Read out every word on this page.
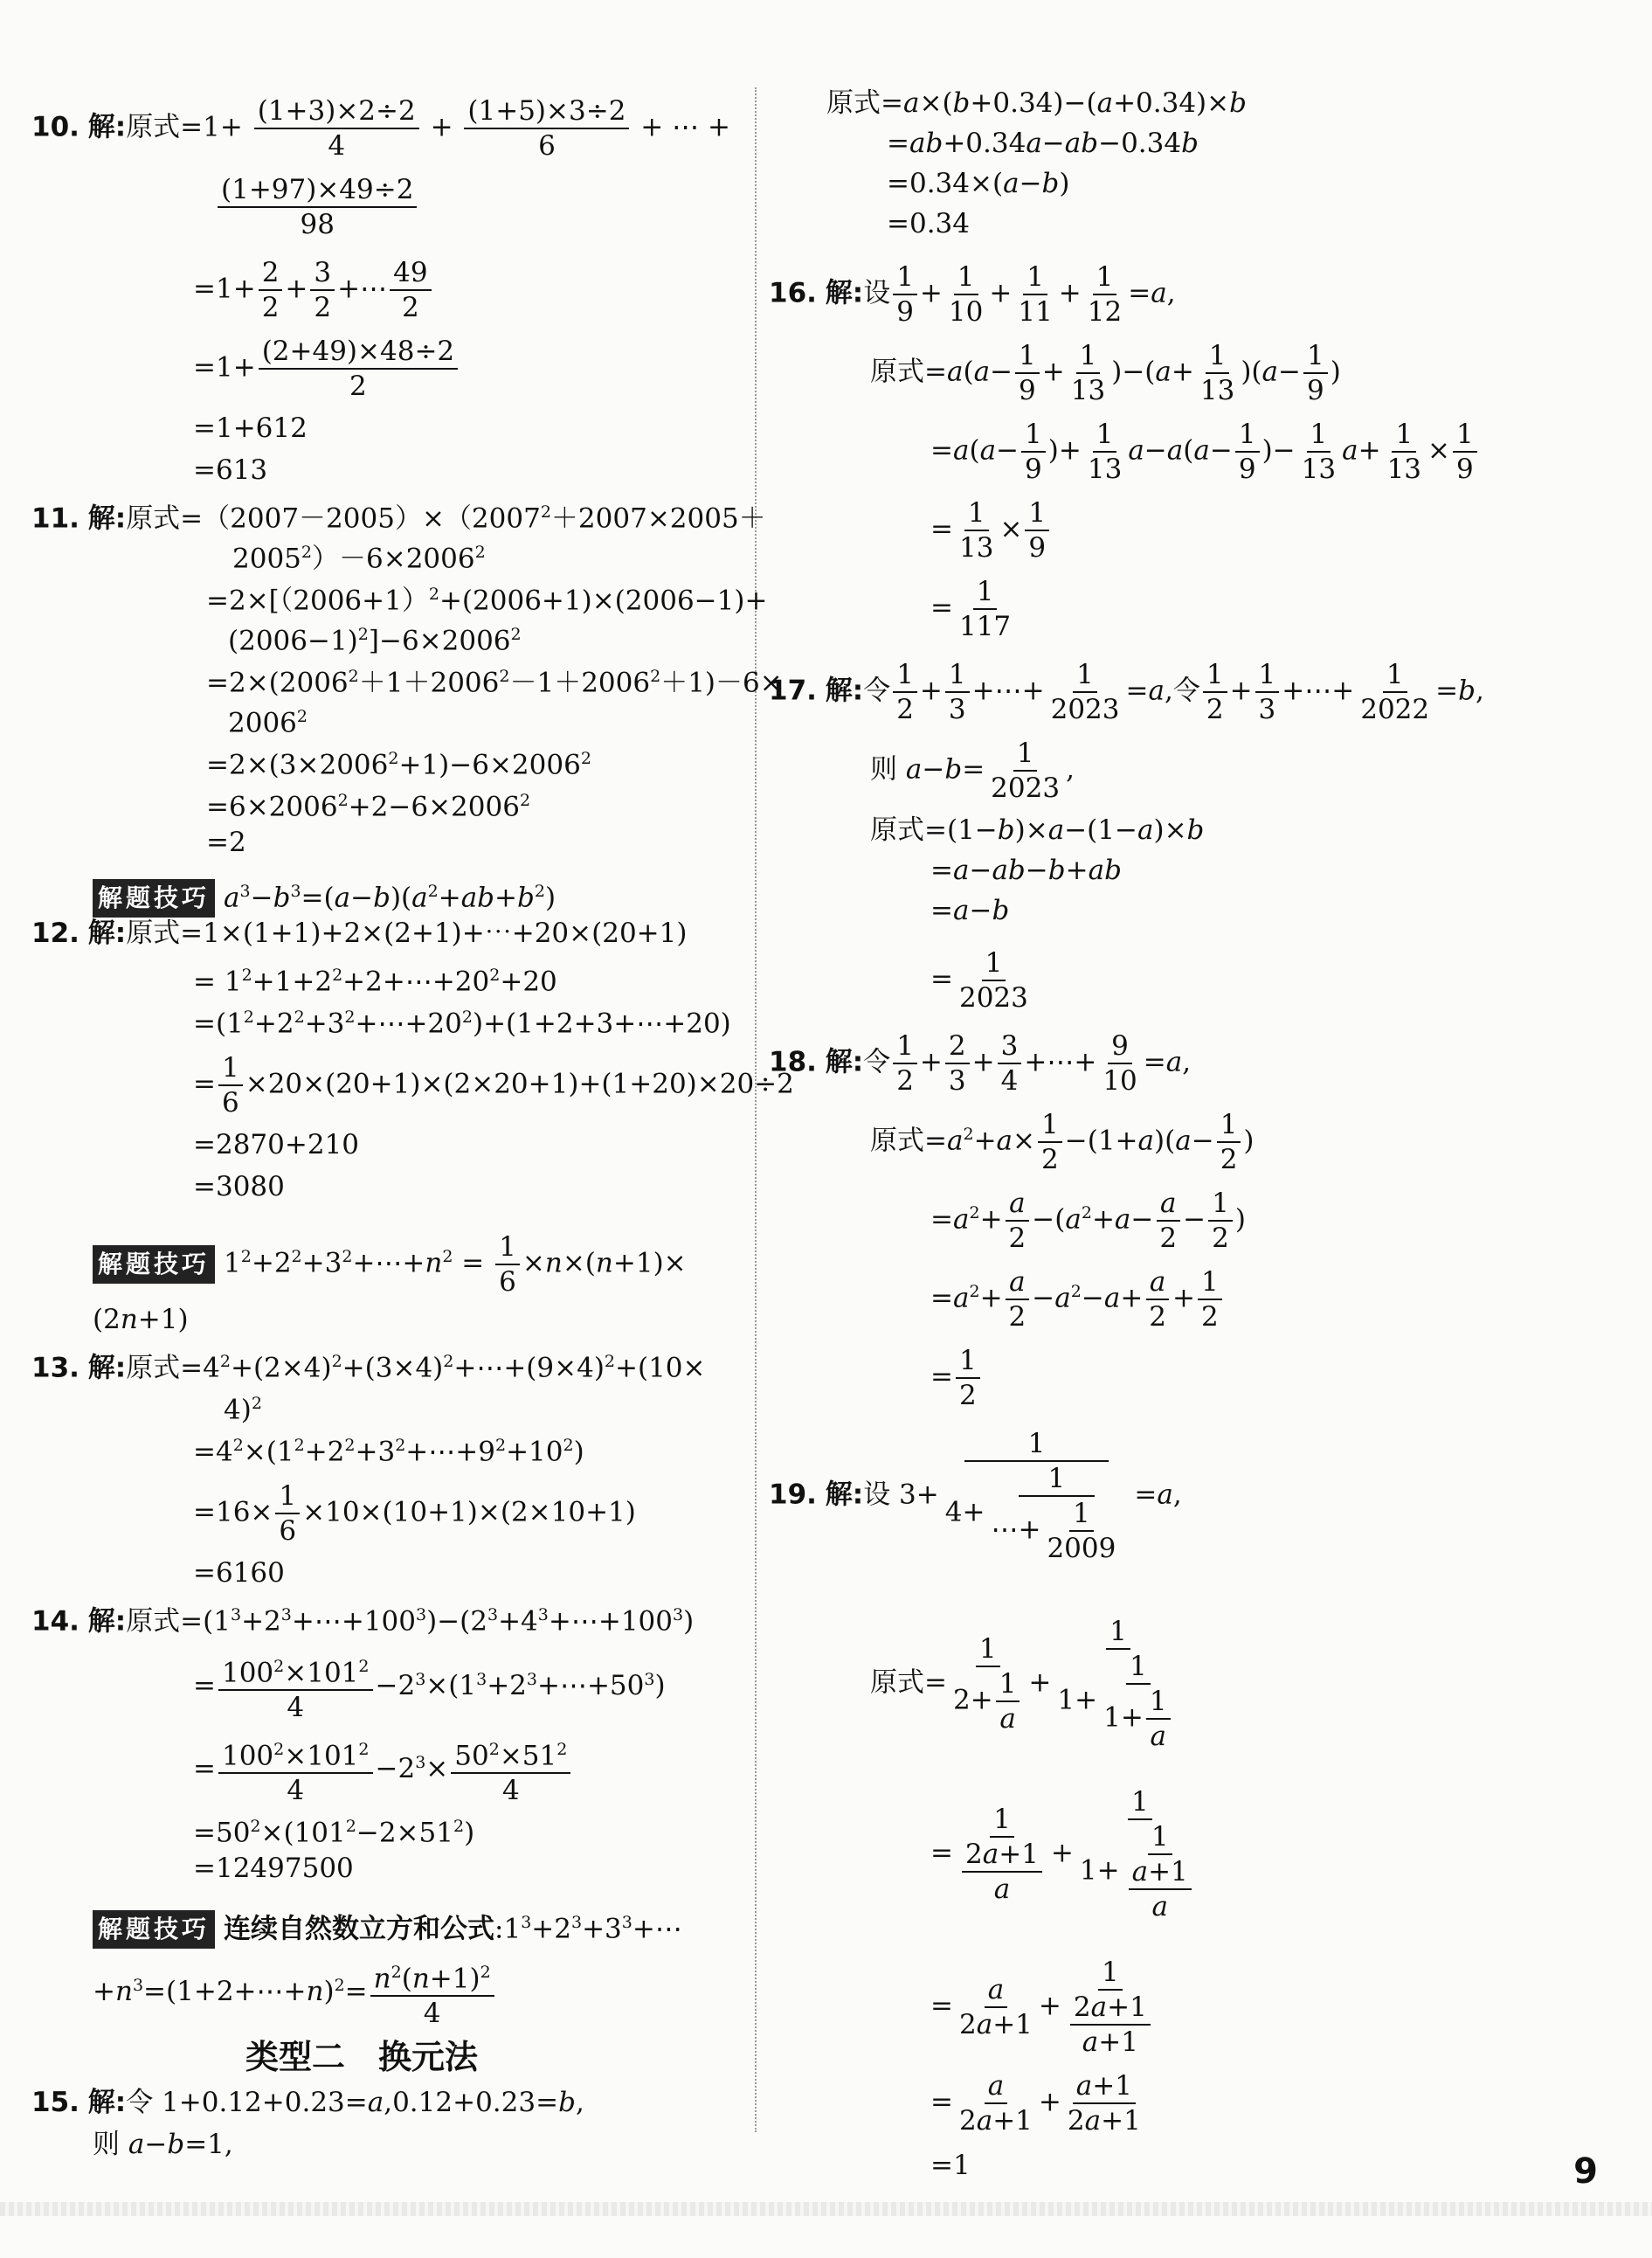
10. 解:原式$=1+ \frac{(1+3)\times 2\div 2}{4} + \frac{(1+5)\times 3\div 2}{6}$ + ⋯ +
$\frac{(1+97)\times 49\div 2}{98}$
$=1+ \frac{2}{2} + \frac{3}{2}$ +⋯ $\frac{49}{2}$
$=1+ \frac{(2+49)\times 48\div 2}{2}$
=1+612
=613
11. 解:原式$=(2007-2005)\times(2007^2+2007\times 2005+$
$2005^2)-6\times 2006^2$
$=2\times[(2006+1)^2+(2006+1)\times(2006-1)+$
$(2006-1)^2]-6\times 2006^2$
$=2\times(2006^2+1+2006^2-1+2006^2+1)-6\times$
$2006^2$
$=2\times(3\times 2006^2+1)-6\times 2006^2$
$=6\times 2006^2+2-6\times 2006^2$
=2
解题技巧 $a^3-b^3=(a-b)(a^2+ab+b^2)$
12. 解:原式=1×(1+1)+2×(2+1)+⋯+20×(20+1)
= $1^2+1+2^2+2+\cdots+20^2+20$
$=(1^2+2^2+3^2+\cdots+20^2)+(1+2+3+\cdots+20)$
= $\frac{1}{6} \times 20\times(20+1)\times(2\times 20+1)+(1+20)\times 20\div 2$
=2870+210
=3080
解题技巧 $1^2+2^2+3^2+\cdots+n^2 = \frac{1}{6} \times n\times(n+1)\times$
(2n+1)
13. 解:原式$=4^2+(2\times 4)^2+(3\times 4)^2+\cdots+(9\times 4)^2+(10\times$
4)$^2$
$=4^2\times(1^2+2^2+3^2+\cdots+9^2+10^2)$
$=16\times \frac{1}{6} \times 10\times(10+1)\times(2\times 10+1)$
=6160
14. 解:原式$=(1^3+2^3+\cdots+100^3)-(2^3+4^3+\cdots+100^3)$
= $\frac{100^2\times 101^2}{4}$ $-2^3\times(1^3+2^3+\cdots+50^3)$
= $\frac{100^2\times 101^2}{4} -2^3\times \frac{50^2\times 51^2}{4}$
$=50^2\times(101^2-2\times 51^2)$
=12497500
解题技巧 连续自然数立方和公式$:1^3+2^3+3^3+\cdots$
$+n^3=(1+2+\cdots+n)^2= \frac{n^2(n+1)^2}{4}$
类型二　换元法
15. 解:令 1+0.12+0.23=a,0.12+0.23=b,
则 a−b=1,
原式=a×(b+0.34)−(a+0.34)×b
=ab+0.34a−ab−0.34b
=0.34×(a−b)
=0.34
16. 解:设 $\frac{1}{9} + \frac{1}{10} + \frac{1}{11} + \frac{1}{12} =a$,
原式$=a(a- \frac{1}{9} + \frac{1}{13} )-(a+ \frac{1}{13} )(a- \frac{1}{9}$ )
$=a(a- \frac{1}{9}$ )+ $\frac{1}{13} a-a(a- \frac{1}{9}$ )− $\frac{1}{13} a+ \frac{1}{13} \times \frac{1}{9}$
= $\frac{1}{13} \times \frac{1}{9}$
= $\frac{1}{117}$
17. 解:令 $\frac{1}{2} + \frac{1}{3}$ +⋯+ $\frac{1}{2023} =a$,令 $\frac{1}{2} + \frac{1}{3}$ +⋯+ $\frac{1}{2022} =b$,
则 $a-b= \frac{1}{2023}$ ,
原式=(1−b)×a−(1−a)×b
=a−ab−b+ab
=a−b
= $\frac{1}{2023}$
18. 解:令 $\frac{1}{2} + \frac{2}{3} + \frac{3}{4}$ +⋯+ $\frac{9}{10} =a$,
原式$=a^2+a\times \frac{1}{2} -(1+a)(a- \frac{1}{2}$ )
$=a^2+ \frac{a}{2} -(a^2+a- \frac{a}{2} - \frac{1}{2}$ )
$=a^2+ \frac{a}{2} -a^2-a+ \frac{a}{2} + \frac{1}{2}$
= $\frac{1}{2}$
19. 解:设 $3+ \frac{1}{4+ \frac{1}{\cdots+ \frac{1}{2009}}} =a$,
原式= $\frac{1}{2+ \frac{1}{a}} + \frac{1}{1+ \frac{1}{1+ \frac{1}{a}}}$
= $\frac{1}{\frac{2a+1}{a}} + \frac{1}{1+ \frac{1}{\frac{a+1}{a}}}$
= $\frac{a}{2a+1} + \frac{1}{\frac{2a+1}{a+1}}$
= $\frac{a}{2a+1} + \frac{a+1}{2a+1}$
=1	9
